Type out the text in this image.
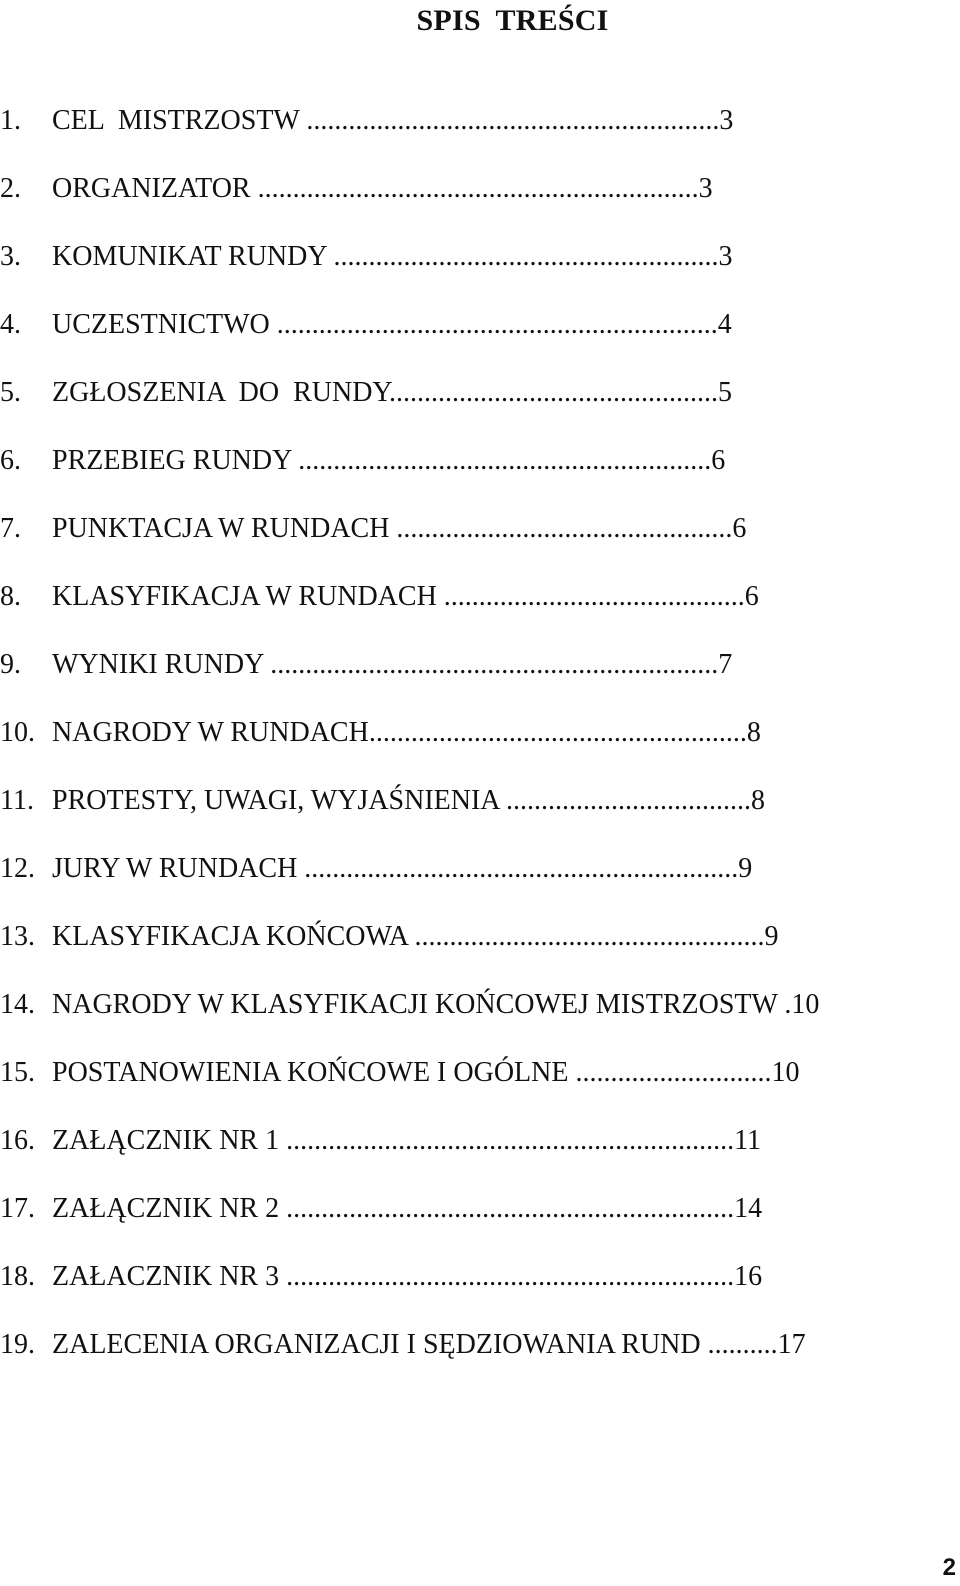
SPIS  TREŚCI
1. CEL  MISTRZOSTW ...........................................................3
2. ORGANIZATOR ...............................................................3
3. KOMUNIKAT RUNDY .......................................................3
4. UCZESTNICTWO ...............................................................4
5. ZGŁOSZENIA  DO  RUNDY...............................................5
6. PRZEBIEG RUNDY ...........................................................6
7. PUNKTACJA W RUNDACH ................................................6
8. KLASYFIKACJA W RUNDACH ...........................................6
9. WYNIKI RUNDY ................................................................7
10. NAGRODY W RUNDACH......................................................8
11. PROTESTY, UWAGI, WYJAŚNIENIA ...................................8
12. JURY W RUNDACH ..............................................................9
13. KLASYFIKACJA KOŃCOWA ..................................................9
14. NAGRODY W KLASYFIKACJI KOŃCOWEJ MISTRZOSTW .10
15. POSTANOWIENIA KOŃCOWE I OGÓLNE ............................10
16. ZAŁĄCZNIK NR 1 ................................................................11
17. ZAŁĄCZNIK NR 2 ................................................................14
18. ZAŁACZNIK NR 3 ................................................................16
19. ZALECENIA ORGANIZACJI I SĘDZIOWANIA RUND ..........17
2
